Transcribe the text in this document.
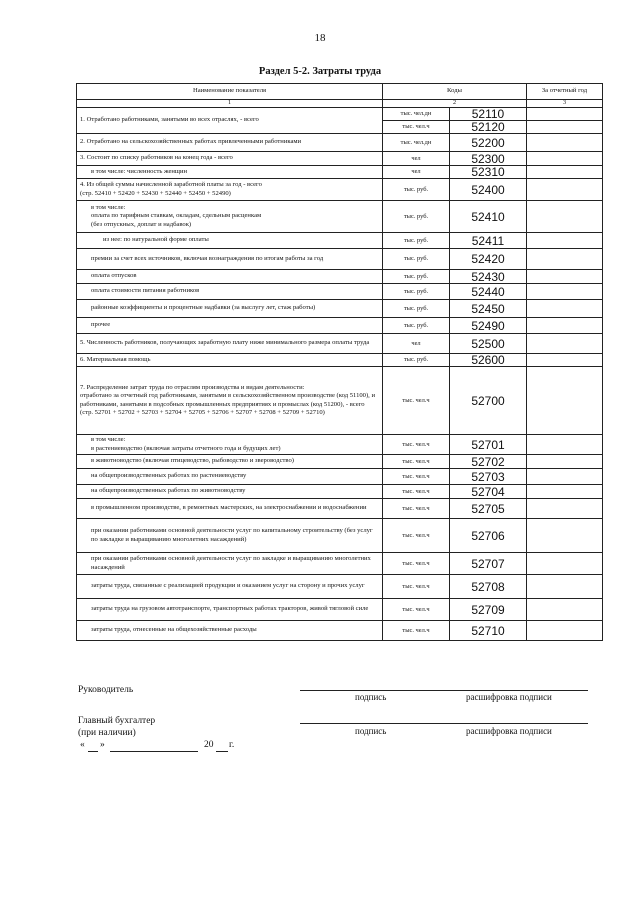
18
Раздел 5-2. Затраты труда
Наименование показателя	Коды		За отчетный год
1	2		3
1. Отработано работниками, занятыми во всех отраслях, - всего	тыс. чел.дн	52110	
	тыс. чел.ч	52120	
2. Отработано на сельскохозяйственных работах привлеченными работниками	тыс. чел.дн	52200	
3. Состоит по списку работников на конец года - всего	чел	52300	
в том числе: численность женщин	чел	52310	
4. Из общей суммы начисленной заработной платы за год - всего
(стр. 52410 + 52420 + 52430 + 52440 + 52450 + 52490)	тыс. руб.	52400	
в том числе:
оплата по тарифным ставкам, окладам, сдельным расценкам
(без отпускных, доплат и надбавок)	тыс. руб.	52410	
из нее: по натуральной форме оплаты	тыс. руб.	52411	
премии за счет всех источников, включая вознаграждения по итогам работы за год	тыс. руб.	52420	
оплата отпусков	тыс. руб.	52430	
оплата стоимости питания работников	тыс. руб.	52440	
районные коэффициенты и процентные надбавки (за выслугу лет, стаж работы)	тыс. руб.	52450	
прочее	тыс. руб.	52490	
5. Численность работников, получающих заработную плату ниже минимального размера оплаты труда	чел	52500	
6. Материальная помощь	тыс. руб.	52600	
7. Распределение затрат труда по отраслям производства и видам деятельности:
отработано за отчетный год работниками, занятыми в сельскохозяйственном производстве (код 51100), и работниками, занятыми в подсобных промышленных предприятиях и промыслах (код 51200), - всего
(стр. 52701 + 52702 + 52703 + 52704 + 52705 + 52706 + 52707 + 52708 + 52709 + 52710)	тыс. чел.ч	52700	
в том числе:
в растениеводство (включая затраты отчетного года и будущих лет)	тыс. чел.ч	52701	
в животноводство (включая птицеводство, рыбоводство и звероводство)	тыс. чел.ч	52702	
на общепроизводственных работах по растениеводству	тыс. чел.ч	52703	
на общепроизводственных работах по животноводству	тыс. чел.ч	52704	
в промышленном производстве, в ремонтных мастерских, на электроснабжении и водоснабжении	тыс. чел.ч	52705	
при оказании работниками основной деятельности услуг по капитальному строительству (без услуг по закладке и выращиванию многолетних насаждений)	тыс. чел.ч	52706	
при оказании работниками основной деятельности услуг по закладке и выращиванию многолетних насаждений	тыс. чел.ч	52707	
затраты труда, связанные с реализацией продукции и оказанием услуг на сторону и прочих услуг	тыс. чел.ч	52708	
затраты труда на грузовом автотранспорте, транспортных работах тракторов, живой тягловой силе	тыс. чел.ч	52709	
затраты труда, отнесенные на общехозяйственные расходы	тыс. чел.ч	52710	
Руководитель
подпись	расшифровка подписи
Главный бухгалтер
(при наличии)	подпись	расшифровка подписи
« »	20 г.
